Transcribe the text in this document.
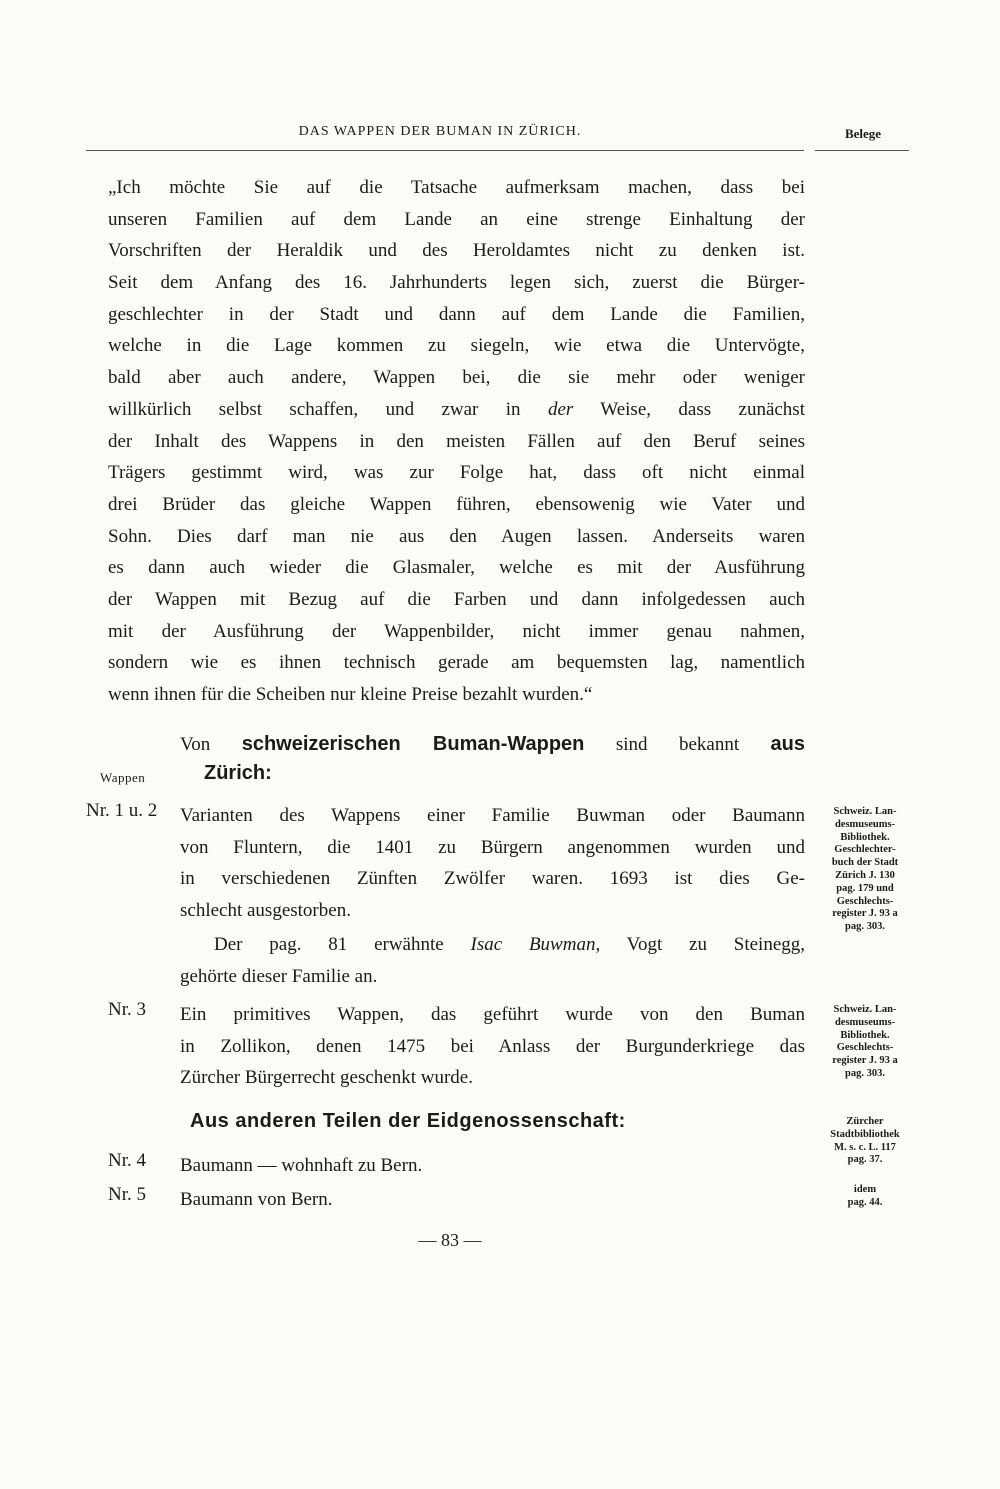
DAS WAPPEN DER BUMAN IN ZÜRICH.	Belege
„Ich möchte Sie auf die Tatsache aufmerksam machen, dass bei
unseren Familien auf dem Lande an eine strenge Einhaltung der
Vorschriften der Heraldik und des Heroldamtes nicht zu denken ist.
Seit dem Anfang des 16. Jahrhunderts legen sich, zuerst die Bürger-
geschlechter in der Stadt und dann auf dem Lande die Familien,
welche in die Lage kommen zu siegeln, wie etwa die Untervögte,
bald aber auch andere, Wappen bei, die sie mehr oder weniger
willkürlich selbst schaffen, und zwar in der Weise, dass zunächst
der Inhalt des Wappens in den meisten Fällen auf den Beruf seines
Trägers gestimmt wird, was zur Folge hat, dass oft nicht einmal
drei Brüder das gleiche Wappen führen, ebensowenig wie Vater und
Sohn. Dies darf man nie aus den Augen lassen. Anderseits waren
es dann auch wieder die Glasmaler, welche es mit der Ausführung
der Wappen mit Bezug auf die Farben und dann infolgedessen auch
mit der Ausführung der Wappenbilder, nicht immer genau nahmen,
sondern wie es ihnen technisch gerade am bequemsten lag, namentlich
wenn ihnen für die Scheiben nur kleine Preise bezahlt wurden.“
Von schweizerischen Buman-Wappen sind bekannt aus
Wappen	Zürich:
Nr. 1 u. 2 Varianten des Wappens einer Familie Buwman oder Baumann
von Fluntern, die 1401 zu Bürgern angenommen wurden und
in verschiedenen Zünften Zwölfer waren. 1693 ist dies Ge-
schlecht ausgestorben.
Der pag. 81 erwähnte Isac Buwman, Vogt zu Steinegg,
gehörte dieser Familie an.
Schweiz. Lan-
desmuseums-
Bibliothek.
Geschlechter-
buch der Stadt
Zürich J. 130
pag. 179 und
Geschlechts-
register J. 93 a
pag. 303.
Nr. 3 Ein primitives Wappen, das geführt wurde von den Buman
in Zollikon, denen 1475 bei Anlass der Burgunderkriege das
Zürcher Bürgerrecht geschenkt wurde.
Schweiz. Lan-
desmuseums-
Bibliothek.
Geschlechts-
register J. 93 a
pag. 303.
Aus anderen Teilen der Eidgenossenschaft:
Nr. 4 Baumann — wohnhaft zu Bern.
Zürcher
Stadtbibliothek
M. s. c. L. 117
pag. 37.
Nr. 5 Baumann von Bern.	idem
pag. 44.
— 83 —
